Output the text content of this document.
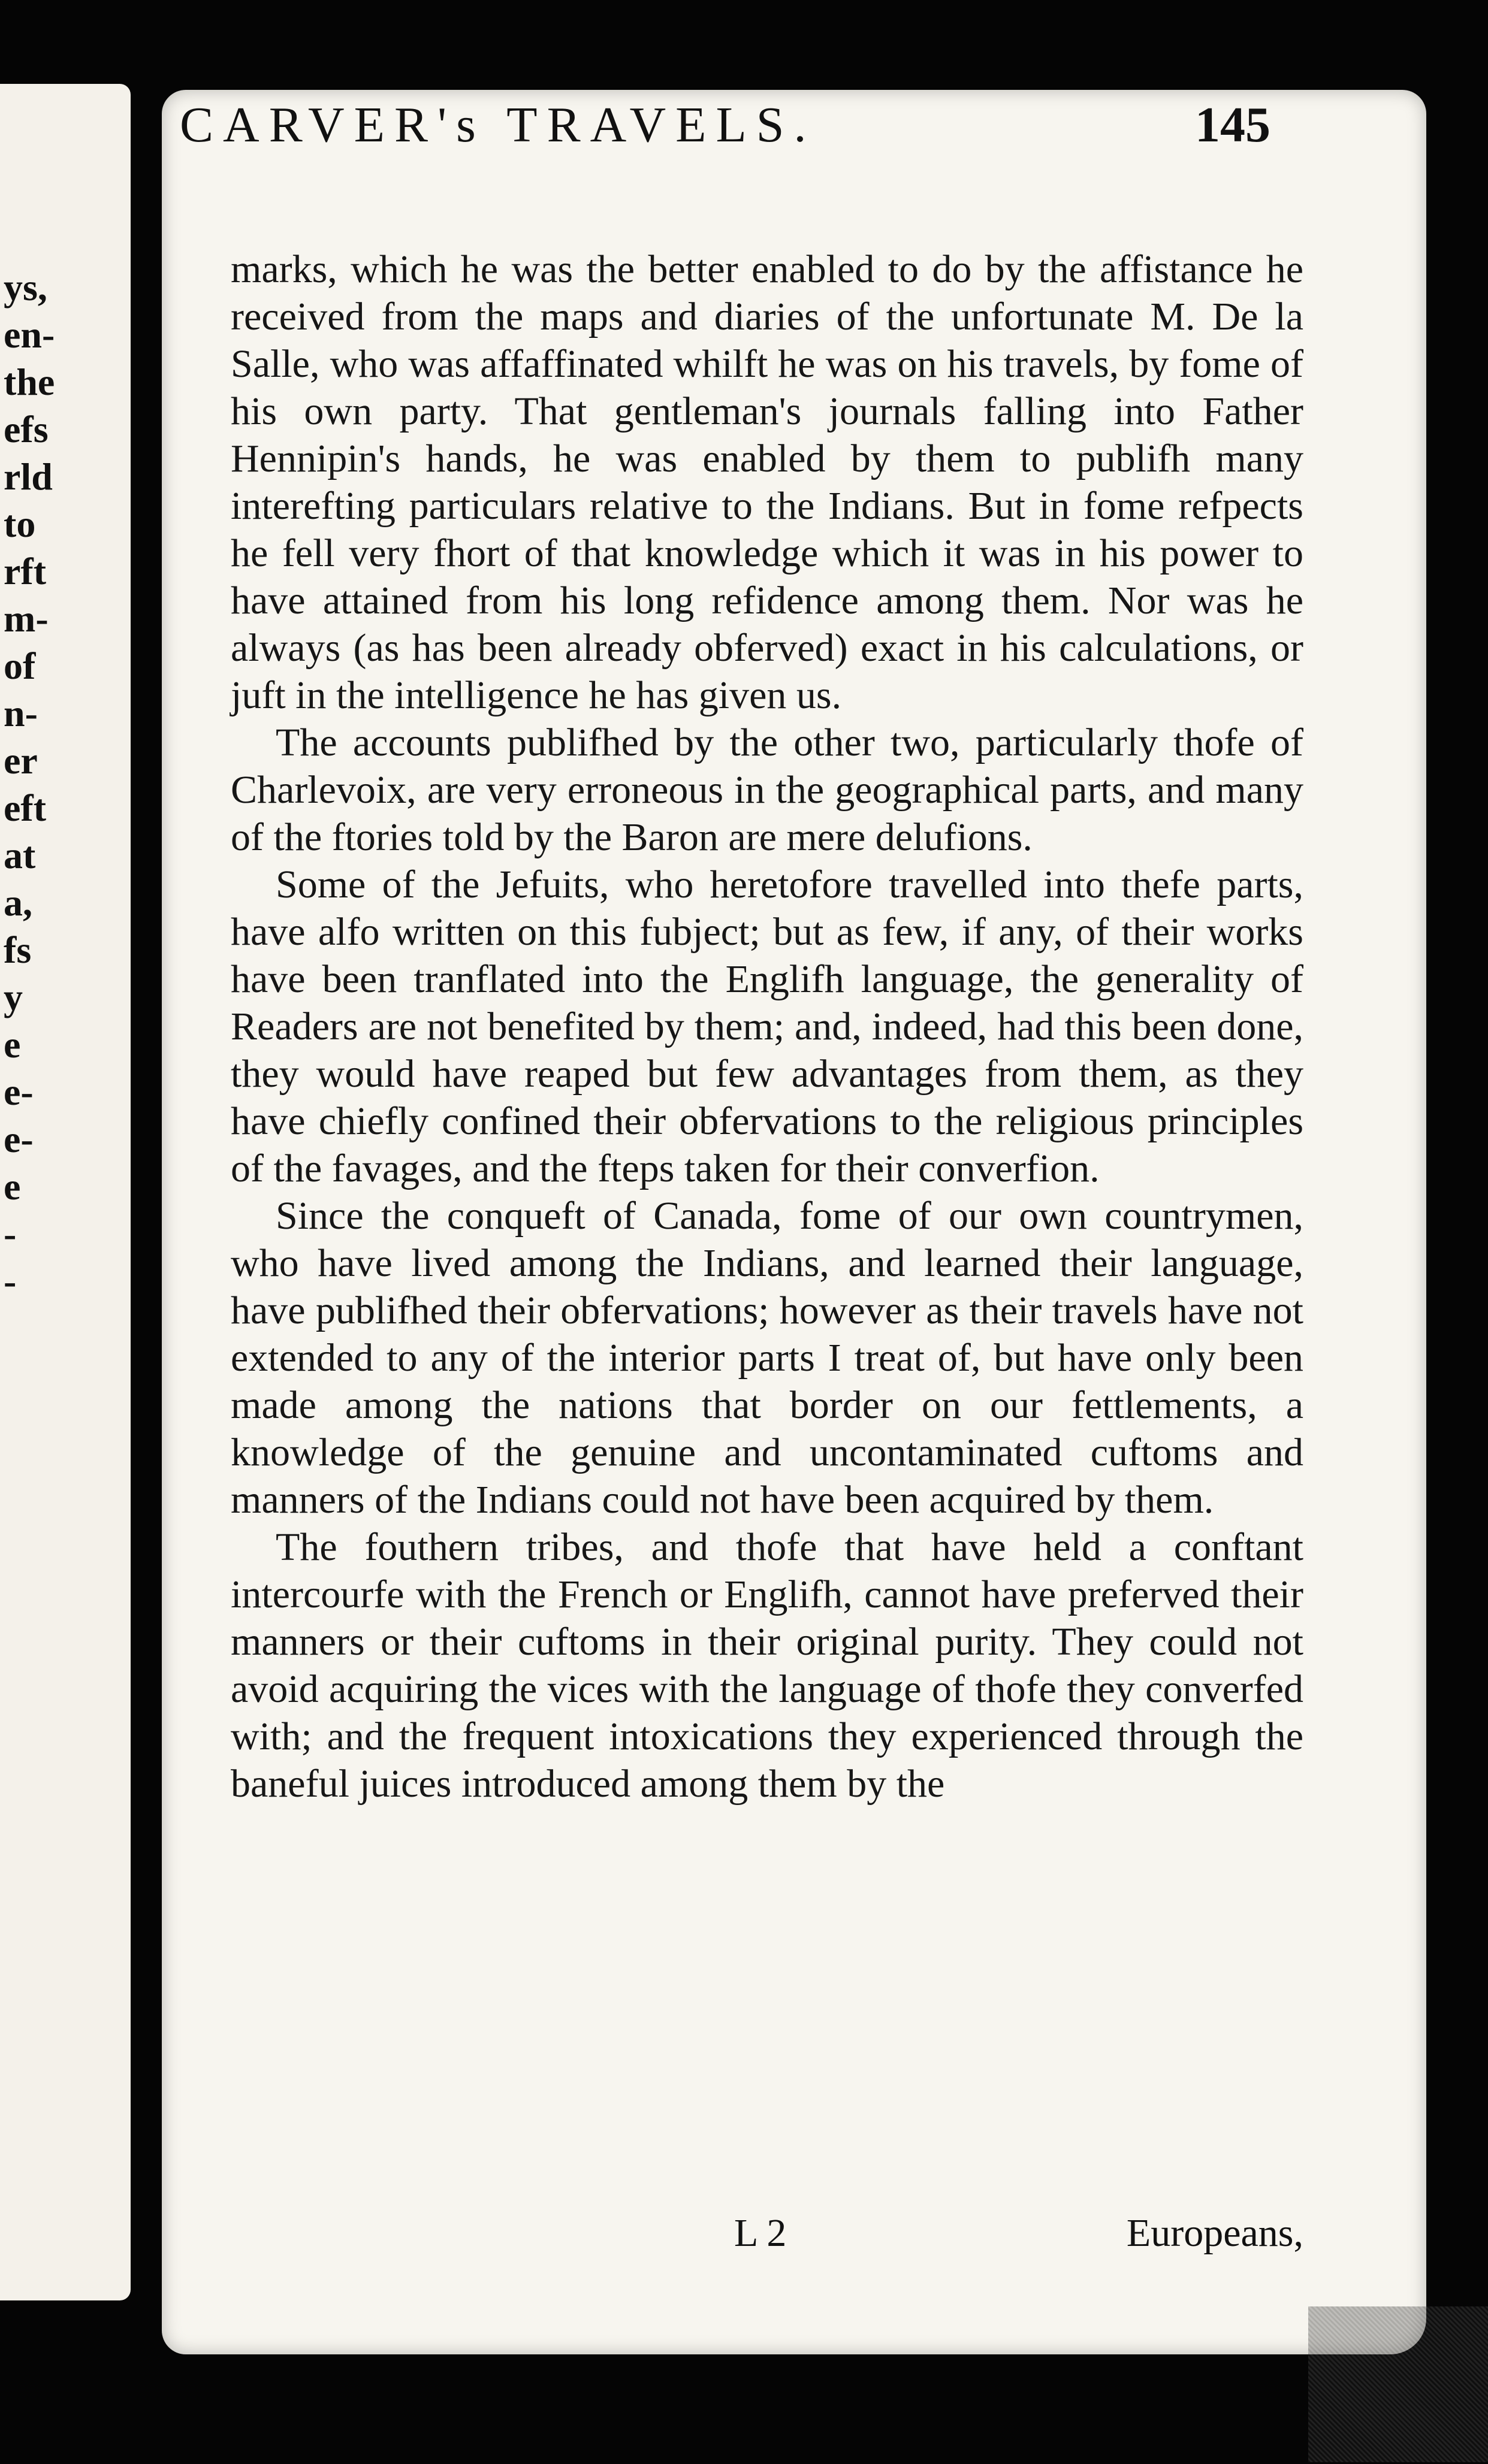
ys,
en-
the
efs
rld
to
rft
m-
of
n-
er
eft
at
a,
fs
y
e
e-
e-
e
-
-
CARVER's TRAVELS.	145

marks, which he was the better enabled to do by the affistance he received from the maps and diaries of the unfortunate M. De la Salle, who was affaffinated whilft he was on his travels, by fome of his own party. That gentleman's journals falling into Father Hennipin's hands, he was enabled by them to publifh many interefting particulars relative to the Indians. But in fome refpects he fell very fhort of that knowledge which it was in his power to have attained from his long refidence among them. Nor was he always (as has been already obferved) exact in his calculations, or juft in the intelligence he has given us.

The accounts publifhed by the other two, particularly thofe of Charlevoix, are very erroneous in the geographical parts, and many of the ftories told by the Baron are mere delufions.

Some of the Jefuits, who heretofore travelled into thefe parts, have alfo written on this fubject; but as few, if any, of their works have been tranflated into the Englifh language, the generality of Readers are not benefited by them; and, indeed, had this been done, they would have reaped but few advantages from them, as they have chiefly confined their obfervations to the religious principles of the favages, and the fteps taken for their converfion.

Since the conqueft of Canada, fome of our own countrymen, who have lived among the Indians, and learned their language, have publifhed their obfervations; however as their travels have not extended to any of the interior parts I treat of, but have only been made among the nations that border on our fettlements, a knowledge of the genuine and uncontaminated cuftoms and manners of the Indians could not have been acquired by them.

The fouthern tribes, and thofe that have held a conftant intercourfe with the French or Englifh, cannot have preferved their manners or their cuftoms in their original purity. They could not avoid acquiring the vices with the language of thofe they converfed with; and the frequent intoxications they experienced through the baneful juices introduced among them by the

L 2	Europeans,
